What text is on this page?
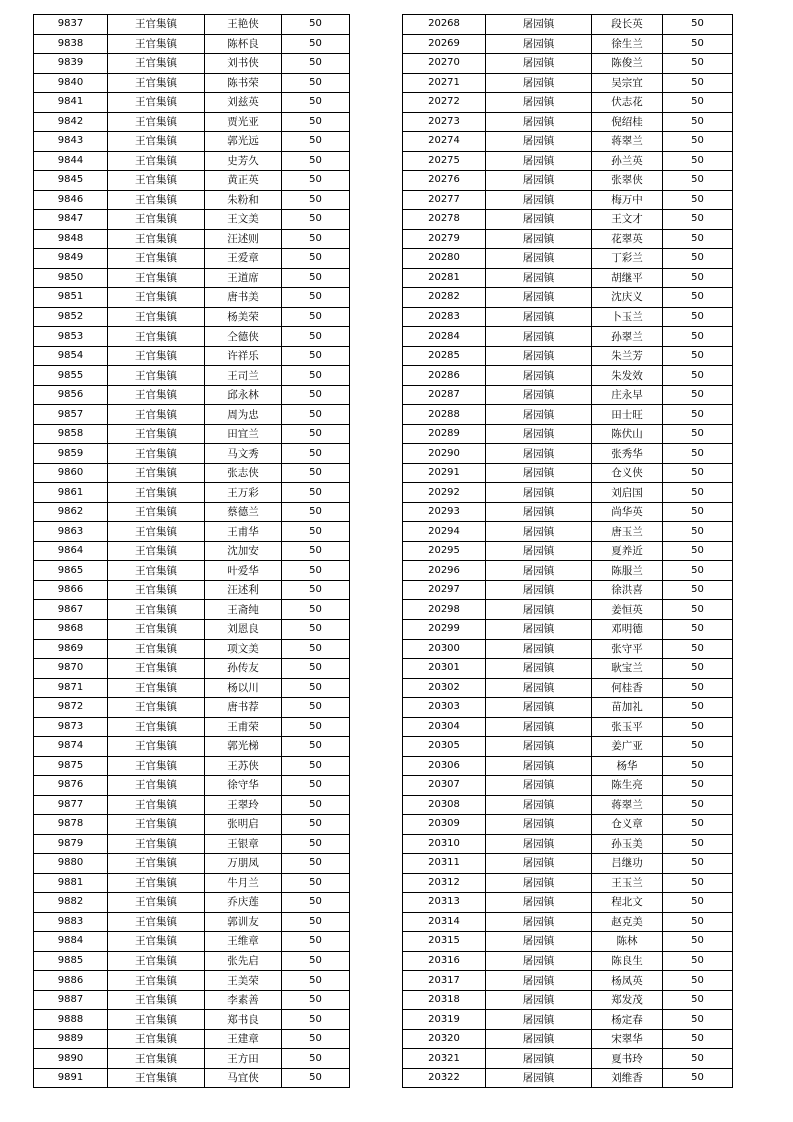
9837	王官集镇	王艳侠	50
9838	王官集镇	陈杯良	50
9839	王官集镇	刘书侠	50
9840	王官集镇	陈书荣	50
9841	王官集镇	刘兹英	50
9842	王官集镇	贾光亚	50
9843	王官集镇	郭光远	50
9844	王官集镇	史芳久	50
9845	王官集镇	黄正英	50
9846	王官集镇	朱粉和	50
9847	王官集镇	王文美	50
9848	王官集镇	汪述则	50
9849	王官集镇	王爱章	50
9850	王官集镇	王道席	50
9851	王官集镇	唐书美	50
9852	王官集镇	杨美荣	50
9853	王官集镇	仝德侠	50
9854	王官集镇	许祥乐	50
9855	王官集镇	王司兰	50
9856	王官集镇	邱永林	50
9857	王官集镇	周为忠	50
9858	王官集镇	田宜兰	50
9859	王官集镇	马文秀	50
9860	王官集镇	张志侠	50
9861	王官集镇	王万彩	50
9862	王官集镇	蔡德兰	50
9863	王官集镇	王甫华	50
9864	王官集镇	沈加安	50
9865	王官集镇	叶爱华	50
9866	王官集镇	汪述利	50
9867	王官集镇	王斋纯	50
9868	王官集镇	刘恩良	50
9869	王官集镇	项文美	50
9870	王官集镇	孙传友	50
9871	王官集镇	杨以川	50
9872	王官集镇	唐书荐	50
9873	王官集镇	王甫荣	50
9874	王官集镇	郭光梯	50
9875	王官集镇	王苏侠	50
9876	王官集镇	徐守华	50
9877	王官集镇	王翠玲	50
9878	王官集镇	张明启	50
9879	王官集镇	王银章	50
9880	王官集镇	万朋凤	50
9881	王官集镇	牛月兰	50
9882	王官集镇	乔庆莲	50
9883	王官集镇	郭训友	50
9884	王官集镇	王维章	50
9885	王官集镇	张先启	50
9886	王官集镇	王美荣	50
9887	王官集镇	李素善	50
9888	王官集镇	郑书良	50
9889	王官集镇	王建章	50
9890	王官集镇	王方田	50
9891	王官集镇	马宜侠	50
20268	屠园镇	段长英	50
20269	屠园镇	徐生兰	50
20270	屠园镇	陈俊兰	50
20271	屠园镇	吴宗宜	50
20272	屠园镇	伏志花	50
20273	屠园镇	倪绍桂	50
20274	屠园镇	蒋翠兰	50
20275	屠园镇	孙兰英	50
20276	屠园镇	张翠侠	50
20277	屠园镇	梅万中	50
20278	屠园镇	王文才	50
20279	屠园镇	花翠英	50
20280	屠园镇	丁彩兰	50
20281	屠园镇	胡继平	50
20282	屠园镇	沈庆义	50
20283	屠园镇	卜玉兰	50
20284	屠园镇	孙翠兰	50
20285	屠园镇	朱兰芳	50
20286	屠园镇	朱发效	50
20287	屠园镇	庄永早	50
20288	屠园镇	田士旺	50
20289	屠园镇	陈伏山	50
20290	屠园镇	张秀华	50
20291	屠园镇	仓义侠	50
20292	屠园镇	刘启国	50
20293	屠园镇	尚华英	50
20294	屠园镇	唐玉兰	50
20295	屠园镇	夏养近	50
20296	屠园镇	陈服兰	50
20297	屠园镇	徐洪喜	50
20298	屠园镇	姜恒英	50
20299	屠园镇	邓明德	50
20300	屠园镇	张守平	50
20301	屠园镇	耿宝兰	50
20302	屠园镇	何桂香	50
20303	屠园镇	苗加礼	50
20304	屠园镇	张玉平	50
20305	屠园镇	姜广亚	50
20306	屠园镇	杨华	50
20307	屠园镇	陈生亮	50
20308	屠园镇	蒋翠兰	50
20309	屠园镇	仓义章	50
20310	屠园镇	孙玉美	50
20311	屠园镇	吕继功	50
20312	屠园镇	王玉兰	50
20313	屠园镇	程北文	50
20314	屠园镇	赵克美	50
20315	屠园镇	陈林	50
20316	屠园镇	陈良生	50
20317	屠园镇	杨凤英	50
20318	屠园镇	郑发茂	50
20319	屠园镇	杨定春	50
20320	屠园镇	宋翠华	50
20321	屠园镇	夏书玲	50
20322	屠园镇	刘维香	50
